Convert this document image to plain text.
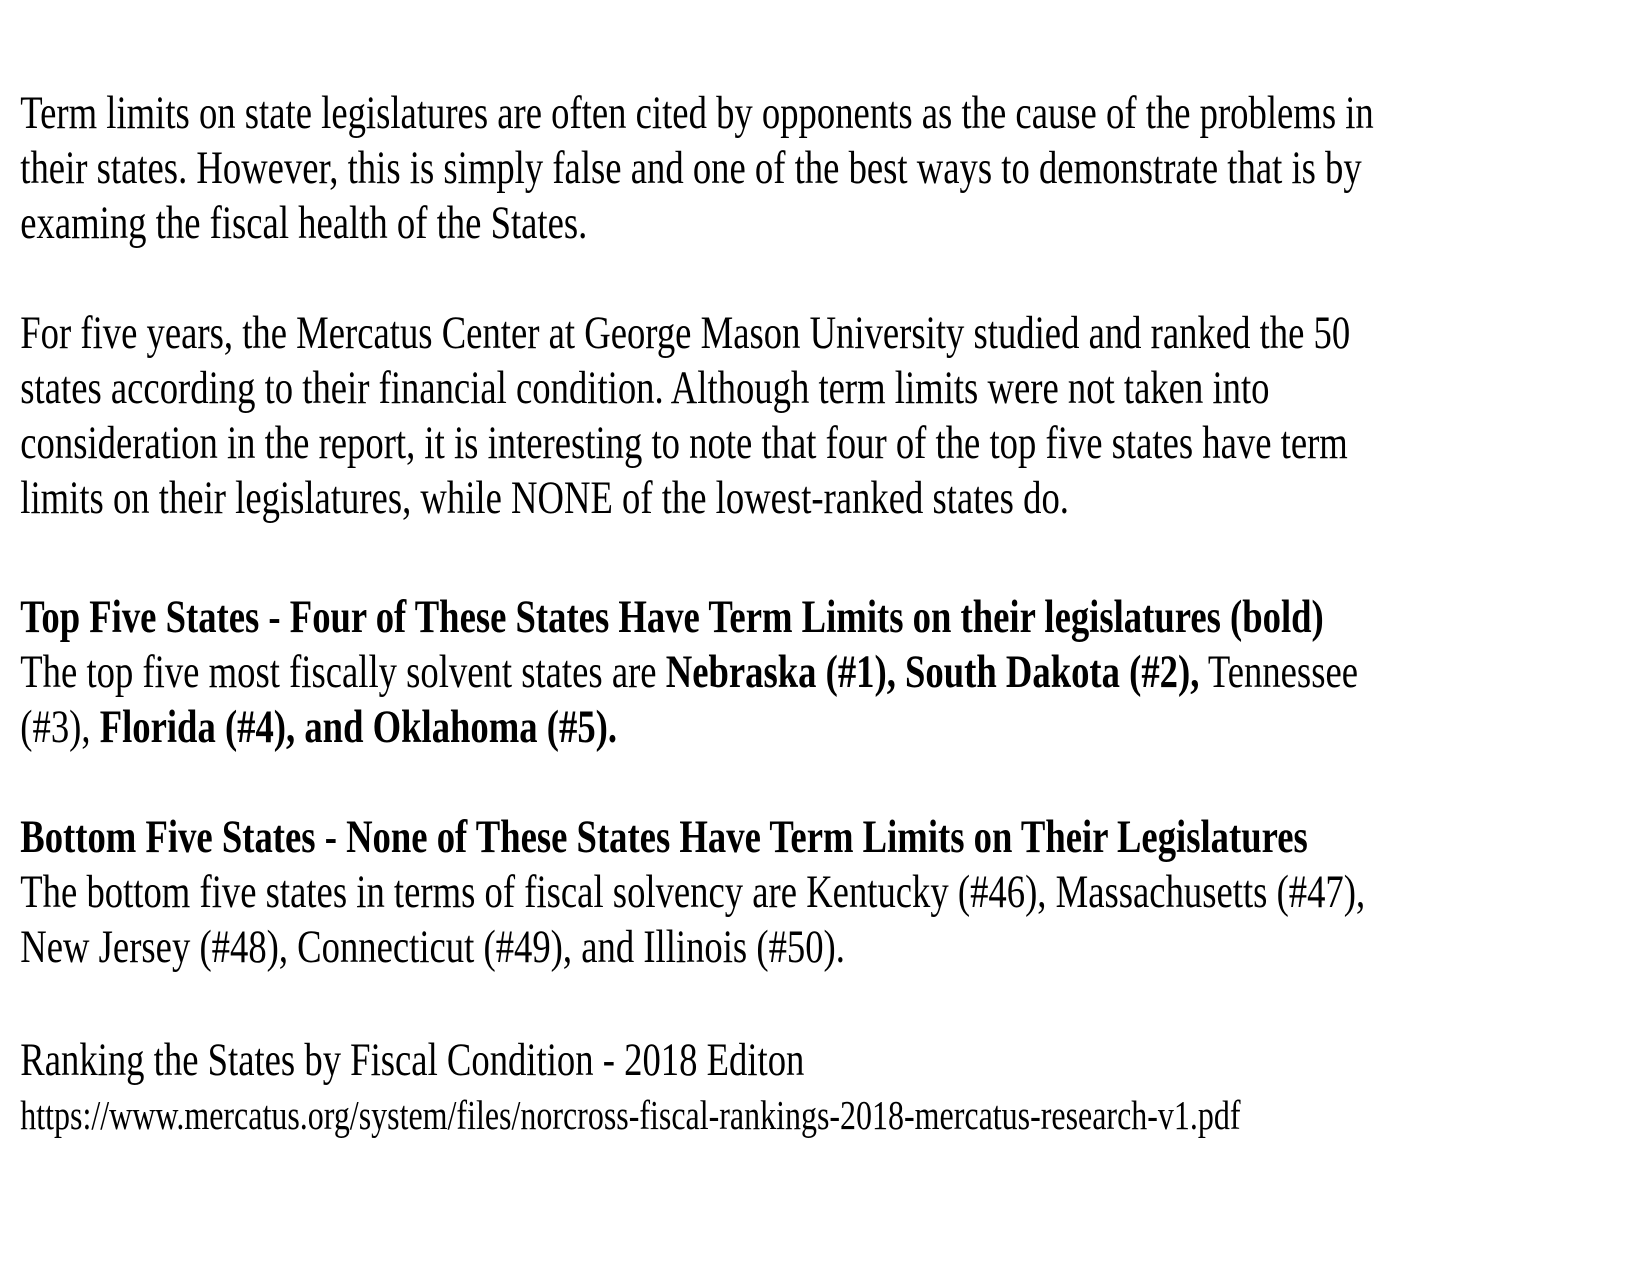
Term limits on state legislatures are often cited by opponents as the cause of the problems in
their states. However, this is simply false and one of the best ways to demonstrate that is by
examing the fiscal health of the States.
For five years, the Mercatus Center at George Mason University studied and ranked the 50
states according to their financial condition. Although term limits were not taken into
consideration in the report, it is interesting to note that four of the top five states have term
limits on their legislatures, while NONE of the lowest-ranked states do.
Top Five States - Four of These States Have Term Limits on their legislatures (bold)
The top five most fiscally solvent states are Nebraska (#1), South Dakota (#2), Tennessee
(#3), Florida (#4), and Oklahoma (#5).
Bottom Five States - None of These States Have Term Limits on Their Legislatures
The bottom five states in terms of fiscal solvency are Kentucky (#46), Massachusetts (#47),
New Jersey (#48), Connecticut (#49), and Illinois (#50).
Ranking the States by Fiscal Condition - 2018 Editon
https://www.mercatus.org/system/files/norcross-fiscal-rankings-2018-mercatus-research-v1.pdf
